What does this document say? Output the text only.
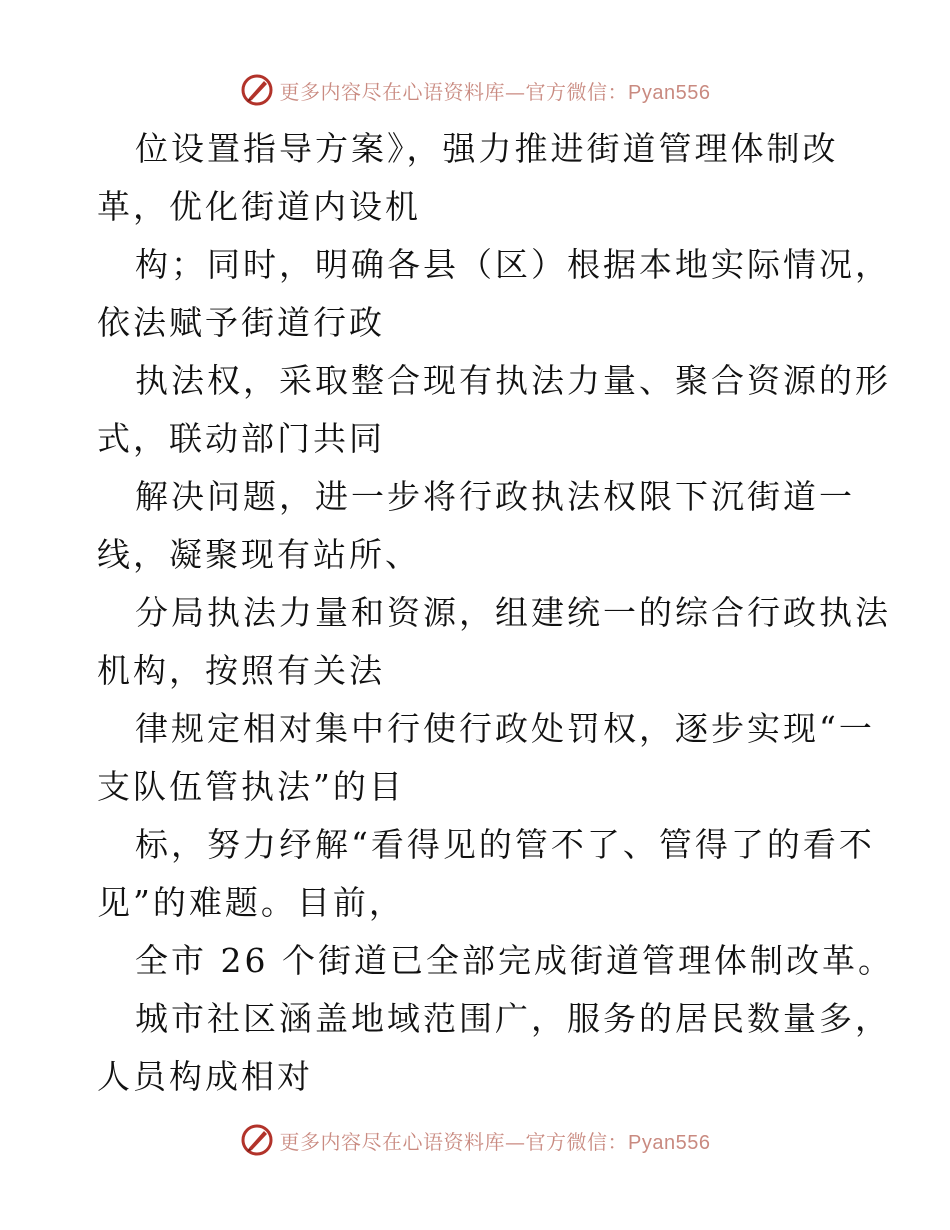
更多内容尽在心语资料库—官方微信：Pyan556
位设置指导方案》，强力推进街道管理体制改
革，优化街道内设机
构；同时，明确各县（区）根据本地实际情况，
依法赋予街道行政
执法权，采取整合现有执法力量、聚合资源的形
式，联动部门共同
解决问题，进一步将行政执法权限下沉街道一
线，凝聚现有站所、
分局执法力量和资源，组建统一的综合行政执法
机构，按照有关法
律规定相对集中行使行政处罚权，逐步实现“一
支队伍管执法”的目
标，努力纾解“看得见的管不了、管得了的看不
见”的难题。目前，
全市 26 个街道已全部完成街道管理体制改革。
城市社区涵盖地域范围广，服务的居民数量多，
人员构成相对
更多内容尽在心语资料库—官方微信：Pyan556
